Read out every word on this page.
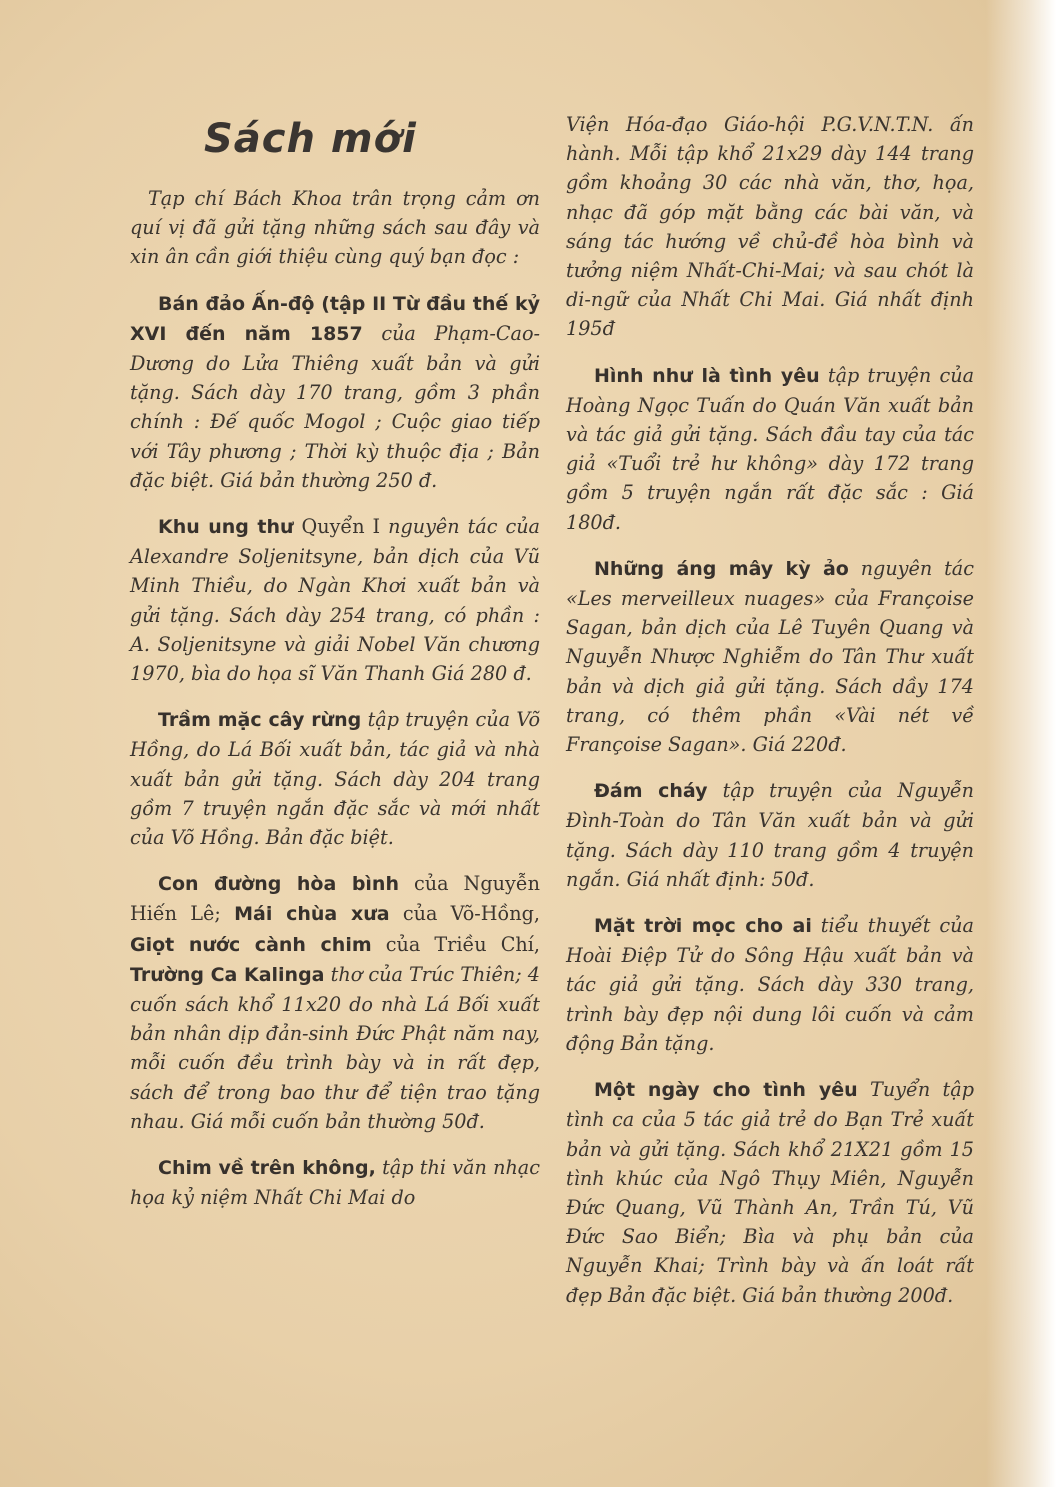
Sách mới

Tạp chí Bách Khoa trân trọng cảm ơn quí vị đã gửi tặng những sách sau đây và xin ân cần giới thiệu cùng quý bạn đọc :

Bán đảo Ấn-độ (tập II Từ đầu thế kỷ XVI đến năm 1857 của Phạm-Cao-Dương do Lửa Thiêng xuất bản và gửi tặng. Sách dày 170 trang, gồm 3 phần chính : Đế quốc Mogol ; Cuộc giao tiếp với Tây phương ; Thời kỳ thuộc địa ; Bản đặc biệt. Giá bản thường 250 đ.

Khu ung thư Quyển I nguyên tác của Alexandre Soljenitsyne, bản dịch của Vũ Minh Thiều, do Ngàn Khơi xuất bản và gửi tặng. Sách dày 254 trang, có phần : A. Soljenitsyne và giải Nobel Văn chương 1970, bìa do họa sĩ Văn Thanh Giá 280 đ.

Trầm mặc cây rừng tập truyện của Võ Hồng, do Lá Bối xuất bản, tác giả và nhà xuất bản gửi tặng. Sách dày 204 trang gồm 7 truyện ngắn đặc sắc và mới nhất của Võ Hồng. Bản đặc biệt.

Con đường hòa bình của Nguyễn Hiến Lê; Mái chùa xưa của Võ-Hồng, Giọt nước cành chim của Triều Chí, Trường Ca Kalinga thơ của Trúc Thiên; 4 cuốn sách khổ 11x20 do nhà Lá Bối xuất bản nhân dịp đản-sinh Đức Phật năm nay, mỗi cuốn đều trình bày và in rất đẹp, sách để trong bao thư để tiện trao tặng nhau. Giá mỗi cuốn bản thường 50đ.

Chim về trên không, tập thi văn nhạc họa kỷ niệm Nhất Chi Mai do

Viện Hóa-đạo Giáo-hội P.G.V.N.T.N. ấn hành. Mỗi tập khổ 21x29 dày 144 trang gồm khoảng 30 các nhà văn, thơ, họa, nhạc đã góp mặt bằng các bài văn, và sáng tác hướng về chủ-đề hòa bình và tưởng niệm Nhất-Chi-Mai; và sau chót là di-ngữ của Nhất Chi Mai. Giá nhất định 195đ

Hình như là tình yêu tập truyện của Hoàng Ngọc Tuấn do Quán Văn xuất bản và tác giả gửi tặng. Sách đầu tay của tác giả «Tuổi trẻ hư không» dày 172 trang gồm 5 truyện ngắn rất đặc sắc : Giá 180đ.

Những áng mây kỳ ảo nguyên tác «Les merveilleux nuages» của Françoise Sagan, bản dịch của Lê Tuyên Quang và Nguyễn Nhược Nghiễm do Tân Thư xuất bản và dịch giả gửi tặng. Sách dầy 174 trang, có thêm phần «Vài nét về Françoise Sagan». Giá 220đ.

Đám cháy tập truyện của Nguyễn Đình-Toàn do Tân Văn xuất bản và gửi tặng. Sách dày 110 trang gồm 4 truyện ngắn. Giá nhất định: 50đ.

Mặt trời mọc cho ai tiểu thuyết của Hoài Điệp Tử do Sông Hậu xuất bản và tác giả gửi tặng. Sách dày 330 trang, trình bày đẹp nội dung lôi cuốn và cảm động Bản tặng.

Một ngày cho tình yêu Tuyển tập tình ca của 5 tác giả trẻ do Bạn Trẻ xuất bản và gửi tặng. Sách khổ 21X21 gồm 15 tình khúc của Ngô Thụy Miên, Nguyễn Đức Quang, Vũ Thành An, Trần Tú, Vũ Đức Sao Biển; Bìa và phụ bản của Nguyễn Khai; Trình bày và ấn loát rất đẹp Bản đặc biệt. Giá bản thường 200đ.
